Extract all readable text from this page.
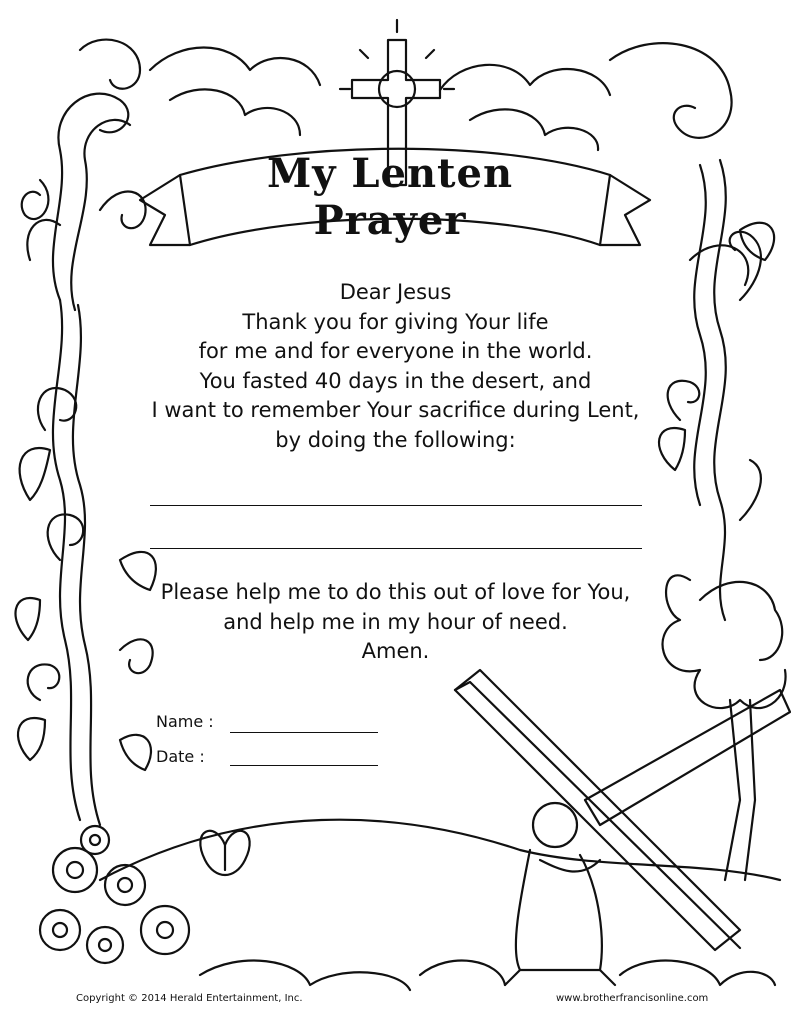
My Lenten Prayer
Dear Jesus
Thank you for giving Your life
for me and for everyone in the world.
You fasted 40 days in the desert, and
I want to remember Your sacrifice during Lent,
by doing the following:
Please help me to do this out of love for You,
and help me in my hour of need.
Amen.
Name :
Date :
Copyright © 2014 Herald Entertainment, Inc.	www.brotherfrancisonline.com
